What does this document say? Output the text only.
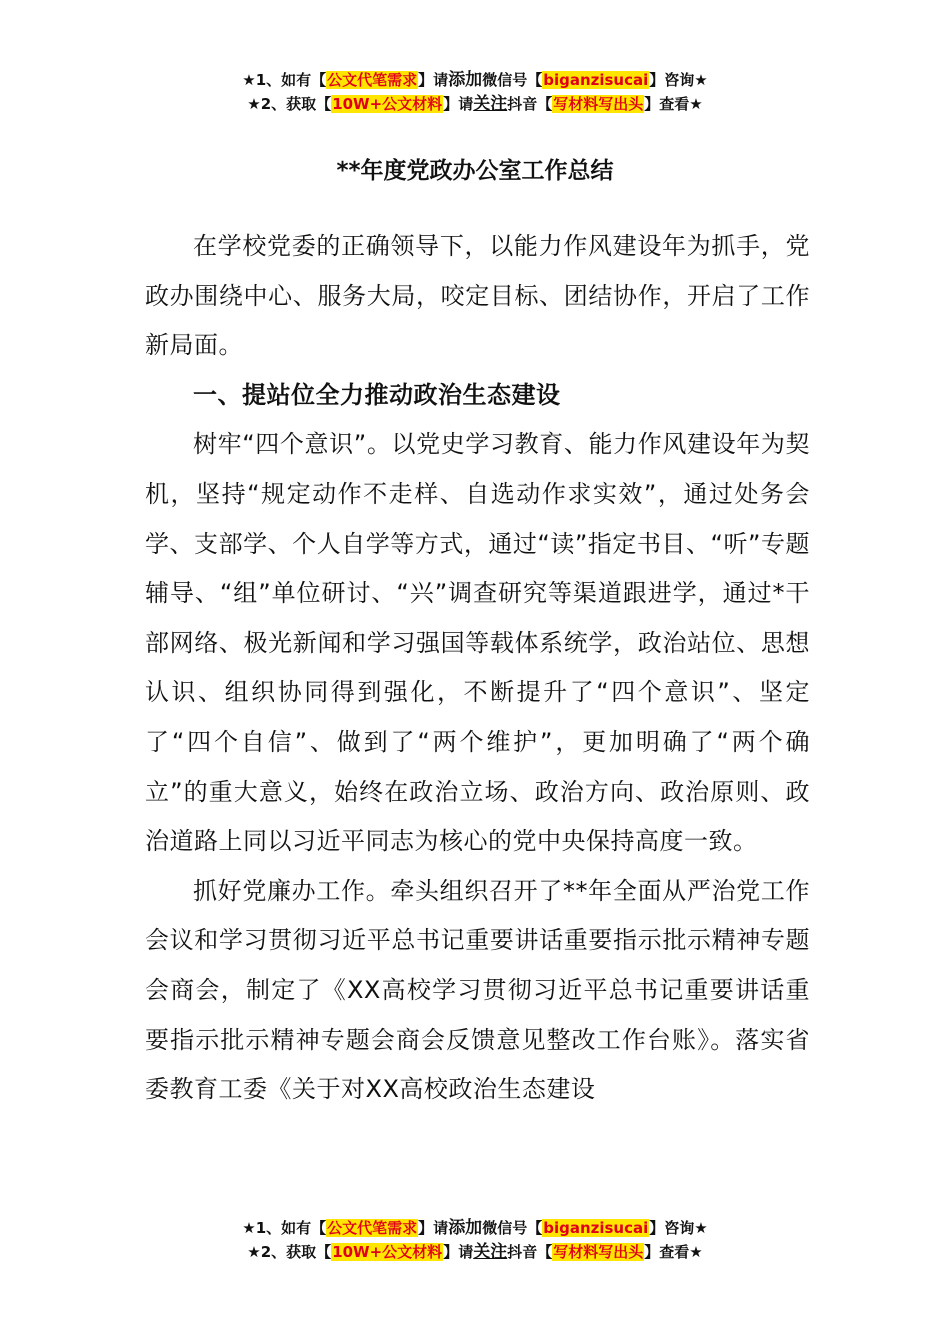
★1、如有【公文代笔需求】请添加微信号【biganzisucai】咨询★
★2、获取【10W+公文材料】请关注抖音【写材料写出头】查看★
**年度党政办公室工作总结

在学校党委的正确领导下，以能力作风建设年为抓手，党政办围绕中心、服务大局，咬定目标、团结协作，开启了工作新局面。

一、提站位全力推动政治生态建设

树牢“四个意识”。以党史学习教育、能力作风建设年为契机，坚持“规定动作不走样、自选动作求实效”，通过处务会学、支部学、个人自学等方式，通过“读”指定书目、“听”专题辅导、“组”单位研讨、“兴”调查研究等渠道跟进学，通过*干部网络、极光新闻和学习强国等载体系统学，政治站位、思想认识、组织协同得到强化，不断提升了“四个意识”、坚定了“四个自信”、做到了“两个维护”，更加明确了“两个确立”的重大意义，始终在政治立场、政治方向、政治原则、政治道路上同以习近平同志为核心的党中央保持高度一致。

抓好党廉办工作。牵头组织召开了**年全面从严治党工作会议和学习贯彻习近平总书记重要讲话重要指示批示精神专题会商会，制定了《XX高校学习贯彻习近平总书记重要讲话重要指示批示精神专题会商会反馈意见整改工作台账》。落实省委教育工委《关于对XX高校政治生态建设

★1、如有【公文代笔需求】请添加微信号【biganzisucai】咨询★
★2、获取【10W+公文材料】请关注抖音【写材料写出头】查看★
